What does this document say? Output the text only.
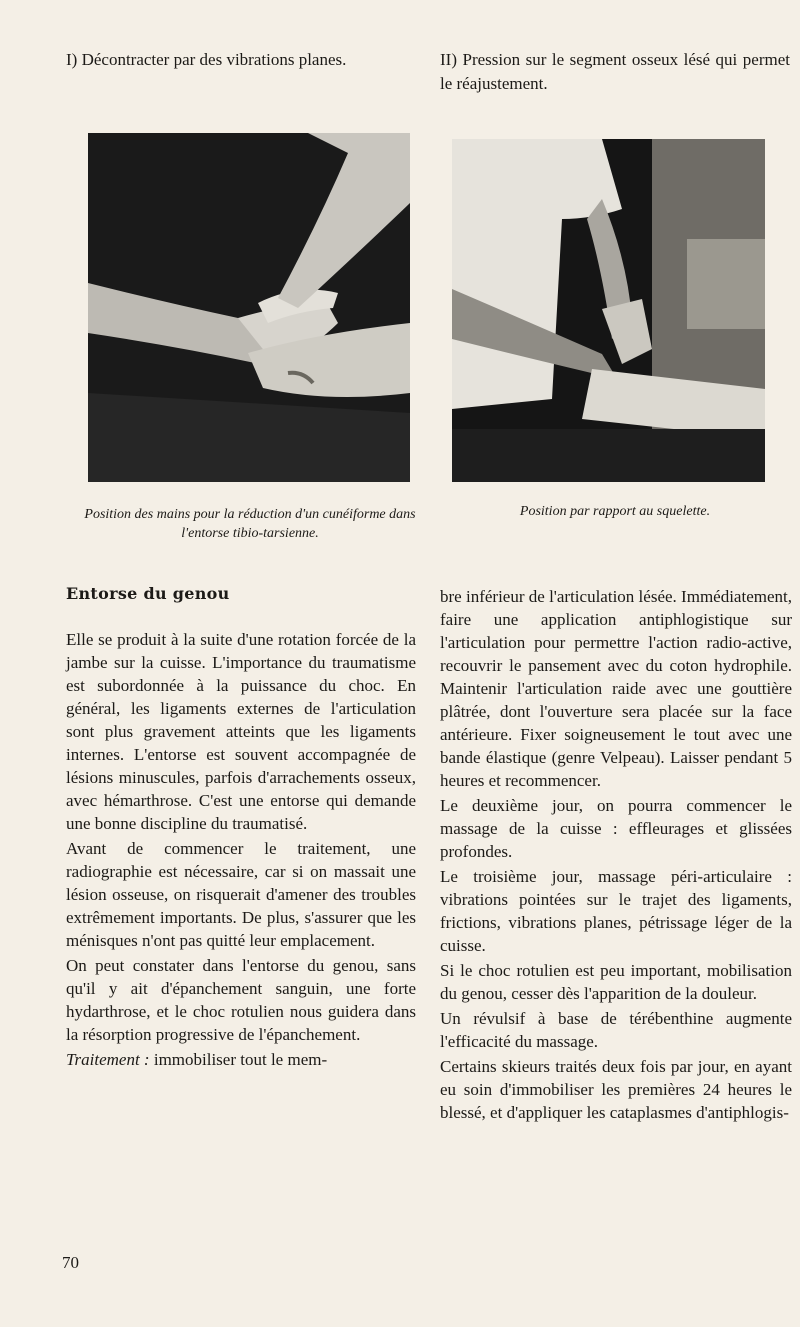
I) Décontracter par des vibrations planes.	II) Pression sur le segment osseux lésé qui permet le réajustement.
Position des mains pour la réduction d'un cunéiforme dans l'entorse tibio-tarsienne.
Position par rapport au squelette.
Entorse du genou

Elle se produit à la suite d'une rotation forcée de la jambe sur la cuisse. L'importance du traumatisme est subordonnée à la puissance du choc. En général, les ligaments externes de l'articulation sont plus gravement atteints que les ligaments internes. L'entorse est souvent accompagnée de lésions minuscules, parfois d'arrachements osseux, avec hémarthrose. C'est une entorse qui demande une bonne discipline du traumatisé.

Avant de commencer le traitement, une radiographie est nécessaire, car si on massait une lésion osseuse, on risquerait d'amener des troubles extrêmement importants. De plus, s'assurer que les ménisques n'ont pas quitté leur emplacement.

On peut constater dans l'entorse du genou, sans qu'il y ait d'épanchement sanguin, une forte hydarthrose, et le choc rotulien nous guidera dans la résorption progressive de l'épanchement.

Traitement : immobiliser tout le mem-

bre inférieur de l'articulation lésée. Immédiatement, faire une application antiphlogistique sur l'articulation pour permettre l'action radio-active, recouvrir le pansement avec du coton hydrophile. Maintenir l'articulation raide avec une gouttière plâtrée, dont l'ouverture sera placée sur la face antérieure. Fixer soigneusement le tout avec une bande élastique (genre Velpeau). Laisser pendant 5 heures et recommencer.

Le deuxième jour, on pourra commencer le massage de la cuisse : effleurages et glissées profondes.

Le troisième jour, massage péri-articulaire : vibrations pointées sur le trajet des ligaments, frictions, vibrations planes, pétrissage léger de la cuisse.

Si le choc rotulien est peu important, mobilisation du genou, cesser dès l'apparition de la douleur.

Un révulsif à base de térébenthine augmente l'efficacité du massage.

Certains skieurs traités deux fois par jour, en ayant eu soin d'immobiliser les premières 24 heures le blessé, et d'appliquer les cataplasmes d'antiphlogis-

70
